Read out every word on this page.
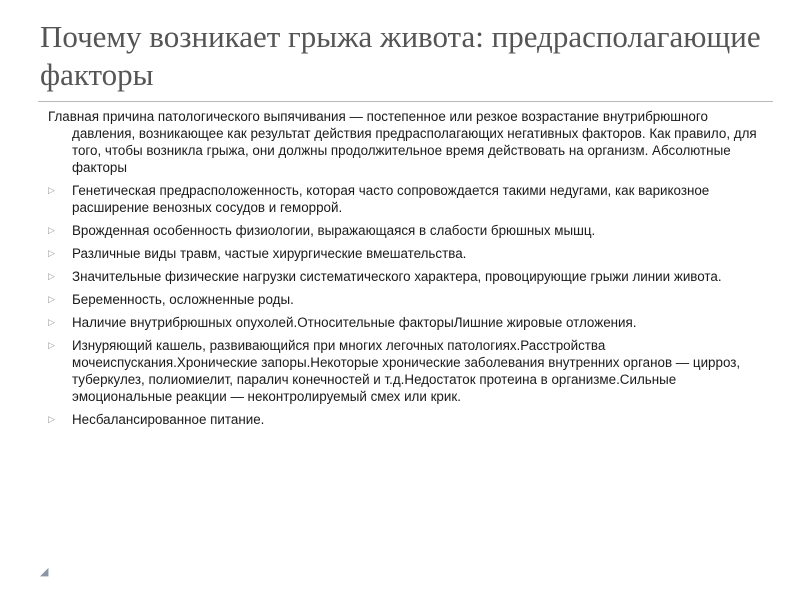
Почему возникает грыжа живота: предрасполагающие факторы

Главная причина патологического выпячивания — постепенное или резкое возрастание внутрибрюшного давления, возникающее как результат действия предрасполагающих негативных факторов. Как правило, для того, чтобы возникла грыжа, они должны продолжительное время действовать на организм. Абсолютные факторы

▷ Генетическая предрасположенность, которая часто сопровождается такими недугами, как варикозное расширение венозных сосудов и геморрой.
▷ Врожденная особенность физиологии, выражающаяся в слабости брюшных мышц.
▷ Различные виды травм, частые хирургические вмешательства.
▷ Значительные физические нагрузки систематического характера, провоцирующие грыжи линии живота.
▷ Беременность, осложненные роды.
▷ Наличие внутрибрюшных опухолей.Относительные факторыЛишние жировые отложения.
▷ Изнуряющий кашель, развивающийся при многих легочных патологиях.Расстройства мочеиспускания.Хронические запоры.Некоторые хронические заболевания внутренних органов — цирроз, туберкулез, полиомиелит, паралич конечностей и т.д.Недостаток протеина в организме.Сильные эмоциональные реакции — неконтролируемый смех или крик.
▷ Несбалансированное питание.
◢
